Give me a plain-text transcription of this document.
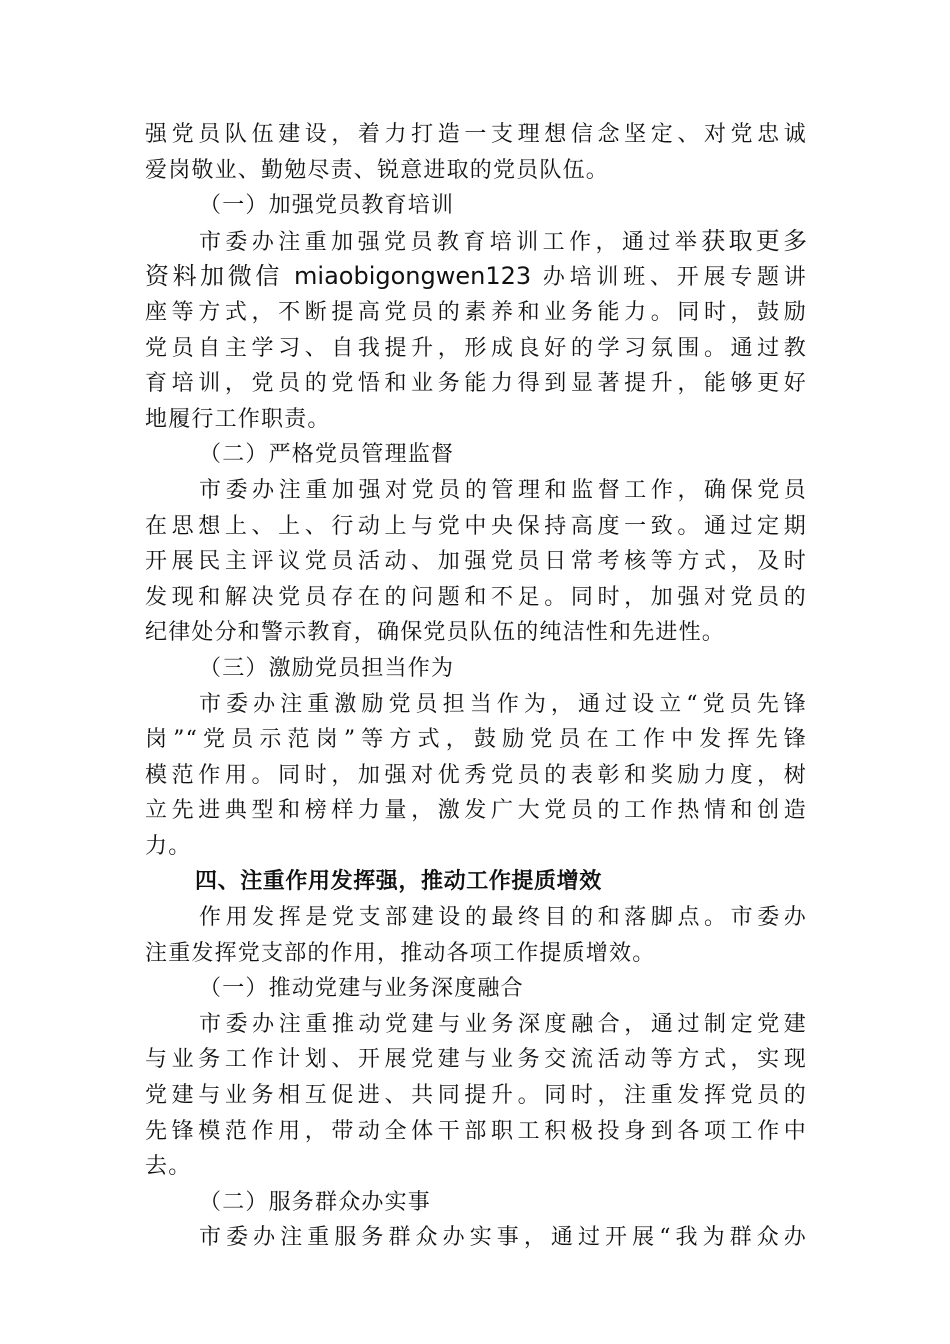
强党员队伍建设，着力打造一支理想信念坚定、对党忠诚
爱岗敬业、勤勉尽责、锐意进取的党员队伍。
（一）加强党员教育培训
市委办注重加强党员教育培训工作，通过举获取更多
资料加微信 miaobigongwen123 办培训班、开展专题讲
座等方式，不断提高党员的素养和业务能力。同时，鼓励
党员自主学习、自我提升，形成良好的学习氛围。通过教
育培训，党员的党悟和业务能力得到显著提升，能够更好
地履行工作职责。
（二）严格党员管理监督
市委办注重加强对党员的管理和监督工作，确保党员
在思想上、上、行动上与党中央保持高度一致。通过定期
开展民主评议党员活动、加强党员日常考核等方式，及时
发现和解决党员存在的问题和不足。同时，加强对党员的
纪律处分和警示教育，确保党员队伍的纯洁性和先进性。
（三）激励党员担当作为
市委办注重激励党员担当作为，通过设立“党员先锋
岗”“党员示范岗”等方式，鼓励党员在工作中发挥先锋
模范作用。同时，加强对优秀党员的表彰和奖励力度，树
立先进典型和榜样力量，激发广大党员的工作热情和创造
力。
四、注重作用发挥强，推动工作提质增效
作用发挥是党支部建设的最终目的和落脚点。市委办
注重发挥党支部的作用，推动各项工作提质增效。
（一）推动党建与业务深度融合
市委办注重推动党建与业务深度融合，通过制定党建
与业务工作计划、开展党建与业务交流活动等方式，实现
党建与业务相互促进、共同提升。同时，注重发挥党员的
先锋模范作用，带动全体干部职工积极投身到各项工作中
去。
（二）服务群众办实事
市委办注重服务群众办实事，通过开展“我为群众办
